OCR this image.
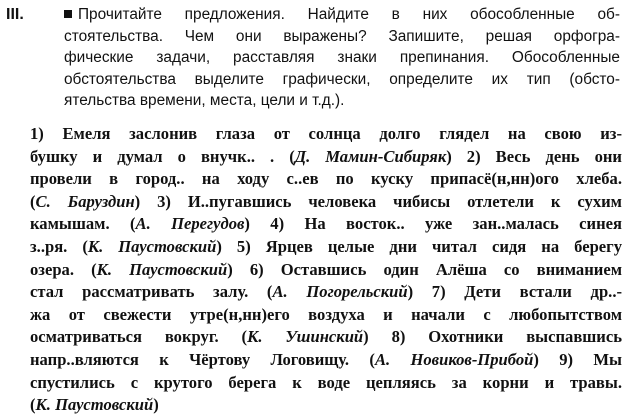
III.	Прочитайте предложения. Найдите в них обособленные об-
стоятельства. Чем они выражены? Запишите, решая орфогра-
фические задачи, расставляя знаки препинания. Обособленные
обстоятельства выделите графически, определите их тип (обсто-
ятельства времени, места, цели и т.д.).
1) Емеля заслонив глаза от солнца долго глядел на свою из-
бушку и думал о внучк.. . (Д. Мамин-Сибиряк) 2) Весь день они
провели в город.. на ходу с..ев по куску припасё(н,нн)ого хлеба.
(С. Баруздин) 3) И..пугавшись человека чибисы отлетели к сухим
камышам. (А. Перегудов) 4) На восток.. уже зан..малась синея
з..ря. (К. Паустовский) 5) Ярцев целые дни читал сидя на берегу
озера. (К. Паустовский) 6) Оставшись один Алёша со вниманием
стал рассматривать залу. (А. Погорельский) 7) Дети встали др..-
жа от свежести утре(н,нн)его воздуха и начали с любопытством
осматриваться вокруг. (К. Ушинский) 8) Охотники выспавшись
напр..вляются к Чёртову Логовищу. (А. Новиков-Прибой) 9) Мы
спустились с крутого берега к воде цепляясь за корни и травы.
(К. Паустовский)
